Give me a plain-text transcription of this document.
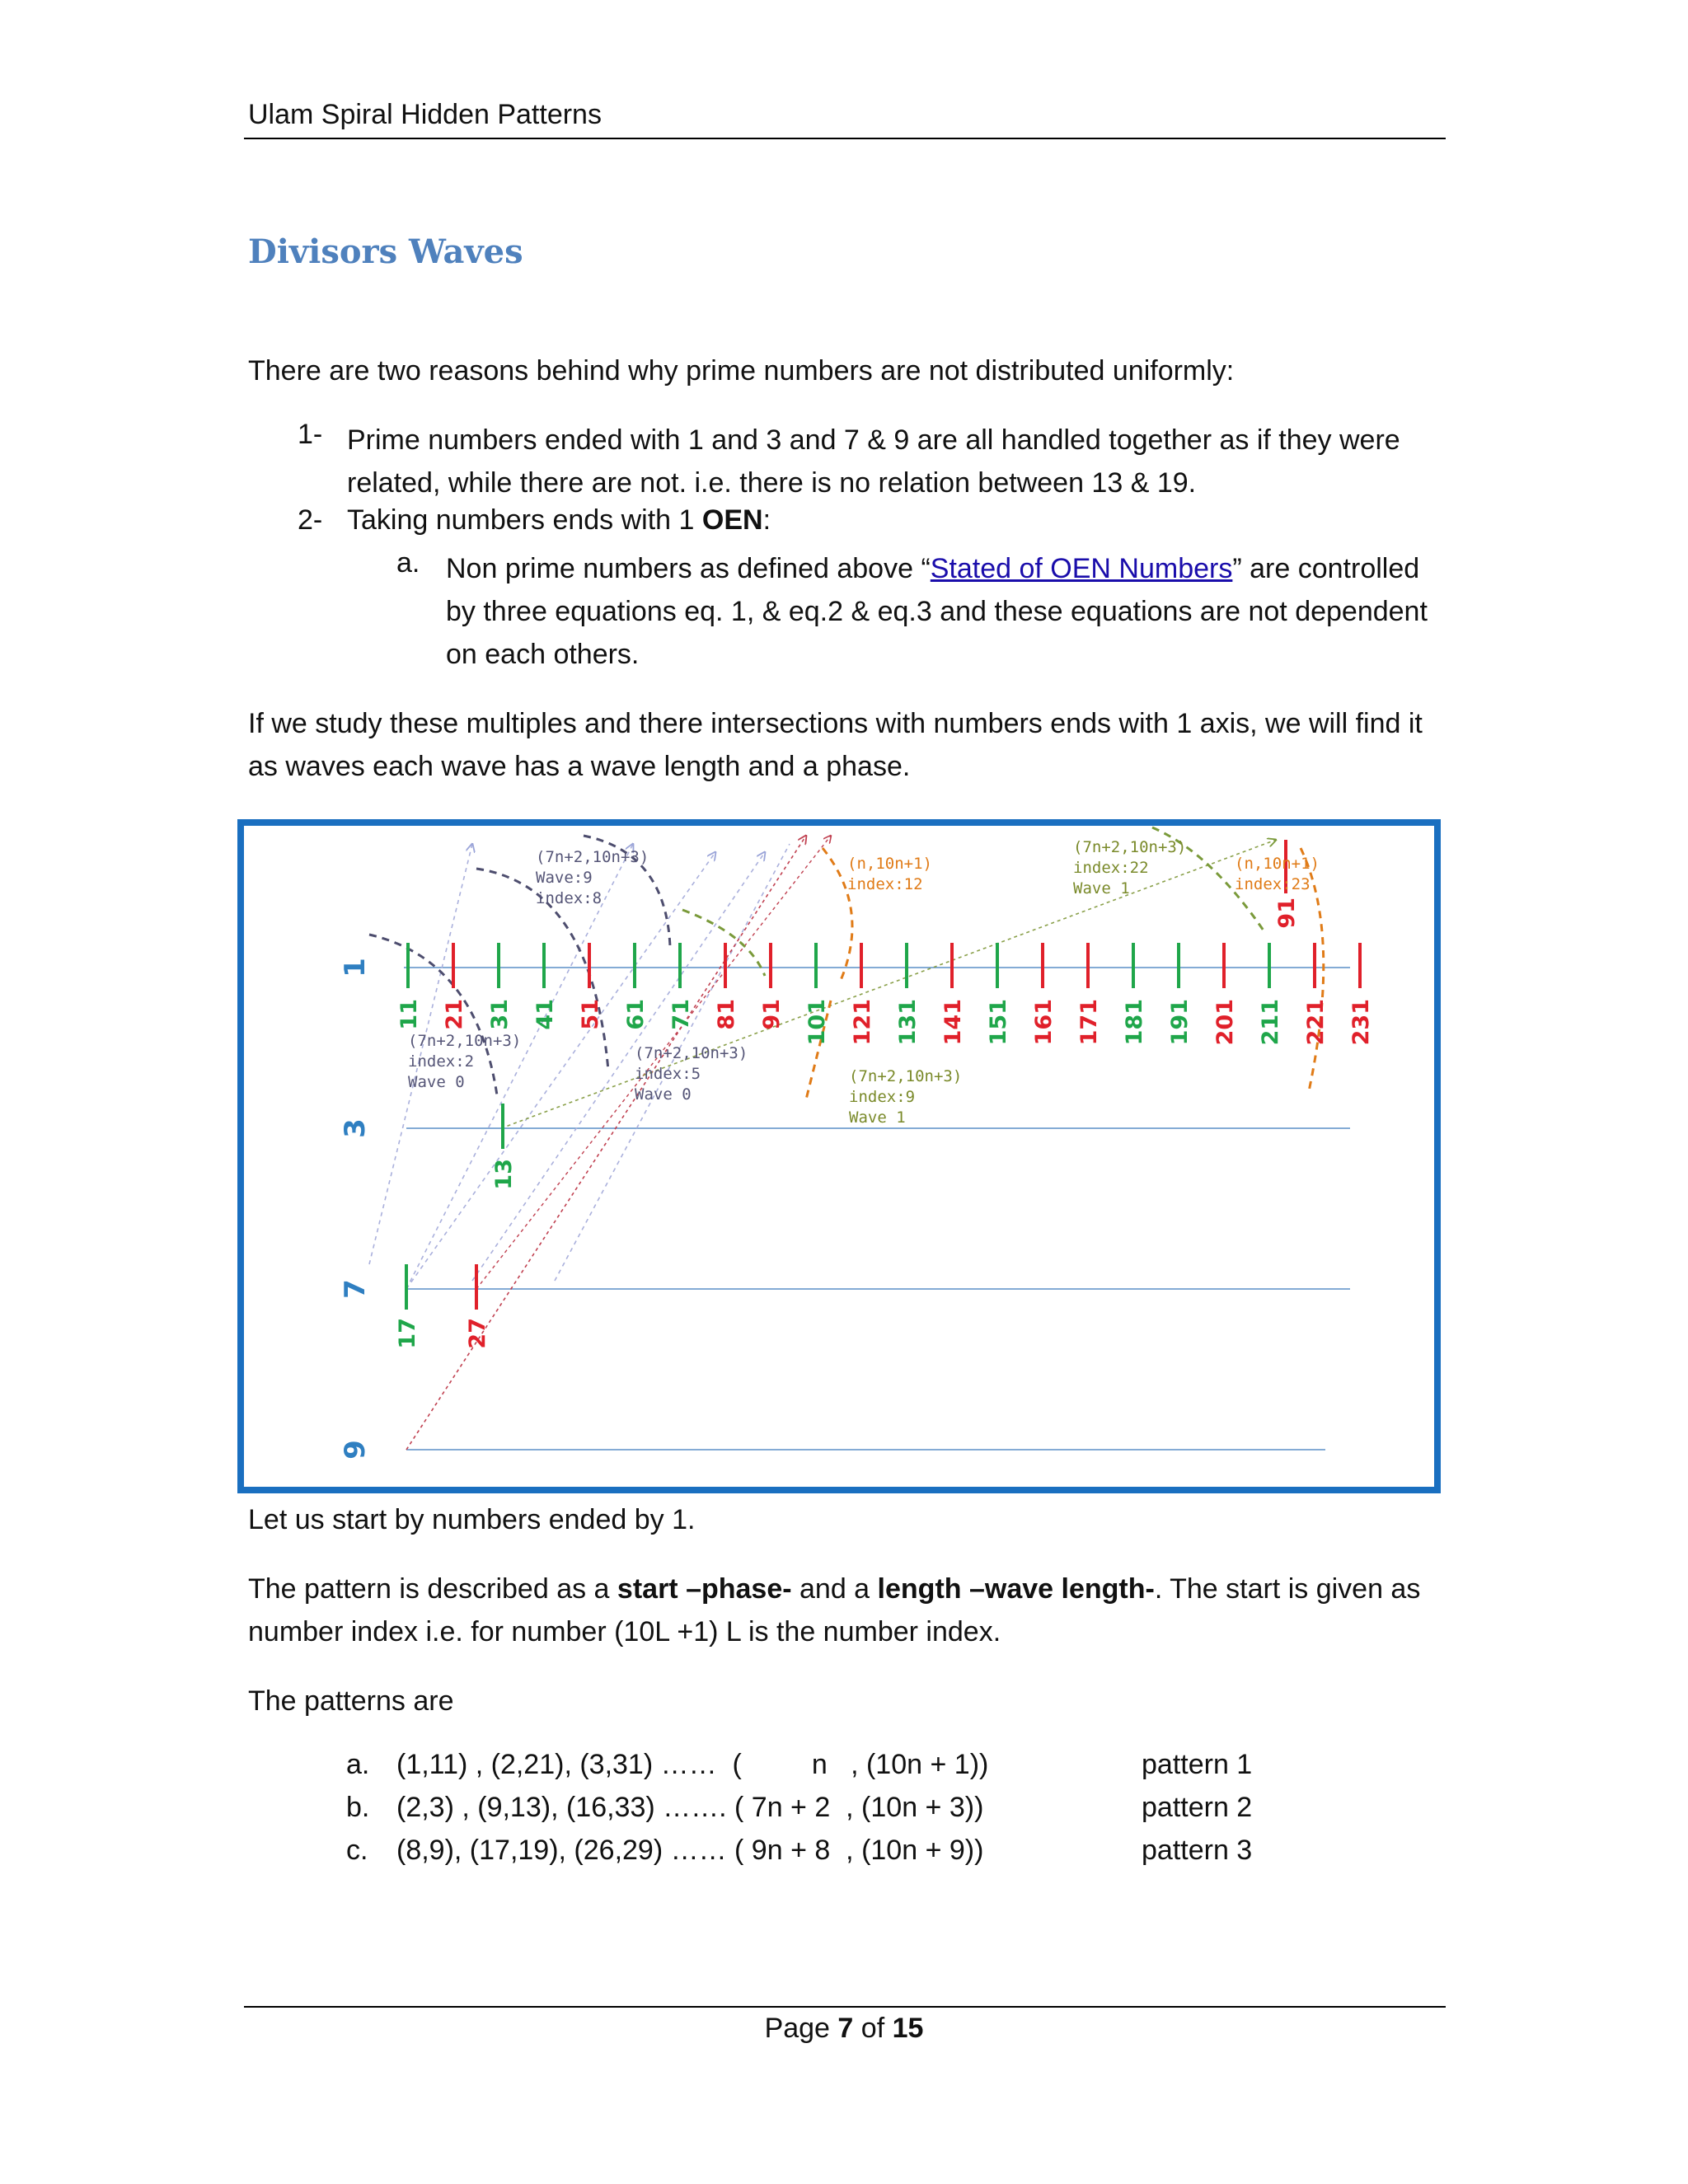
Ulam Spiral Hidden Patterns
Divisors Waves
There are two reasons behind why prime numbers are not distributed uniformly:
1- Prime numbers ended with 1 and 3 and 7 & 9 are all handled together as if they were related, while there are not. i.e. there is no relation between 13 & 19.
2- Taking numbers ends with 1 OEN:
a. Non prime numbers as defined above “Stated of OEN Numbers” are controlled by three equations eq. 1, & eq.2 & eq.3 and these equations are not dependent on each others.
If we study these multiples and there intersections with numbers ends with 1 axis, we will find it as waves each wave has a wave length and a phase.
1
3
7
9
11 21 31 41 51 61 71 81 91 101 121 131 141 151 161 171 181 191 201 211 221 231
91
13
17 27
(7n+2,10n+3)
Wave:9
index:8
(n,10n+1)
index:12
(7n+2,10n+3)
index:22
Wave 1
(n,10n+1)
index:23
(7n+2,10n+3)
index:2
Wave 0
(7n+2,10n+3)
index:5
Wave 0
(7n+2,10n+3)
index:9
Wave 1
Let us start by numbers ended by 1.
The pattern is described as a start –phase- and a length –wave length-. The start is given as number index i.e. for number (10L +1) L is the number index.
The patterns are
a. (1,11) , (2,21), (3,31) ……  (         n   , (10n + 1))	pattern 1
b. (2,3) , (9,13), (16,33) ……. ( 7n + 2  , (10n + 3))	pattern 2
c. (8,9), (17,19), (26,29) …… ( 9n + 8  , (10n + 9))	pattern 3
Page 7 of 15
